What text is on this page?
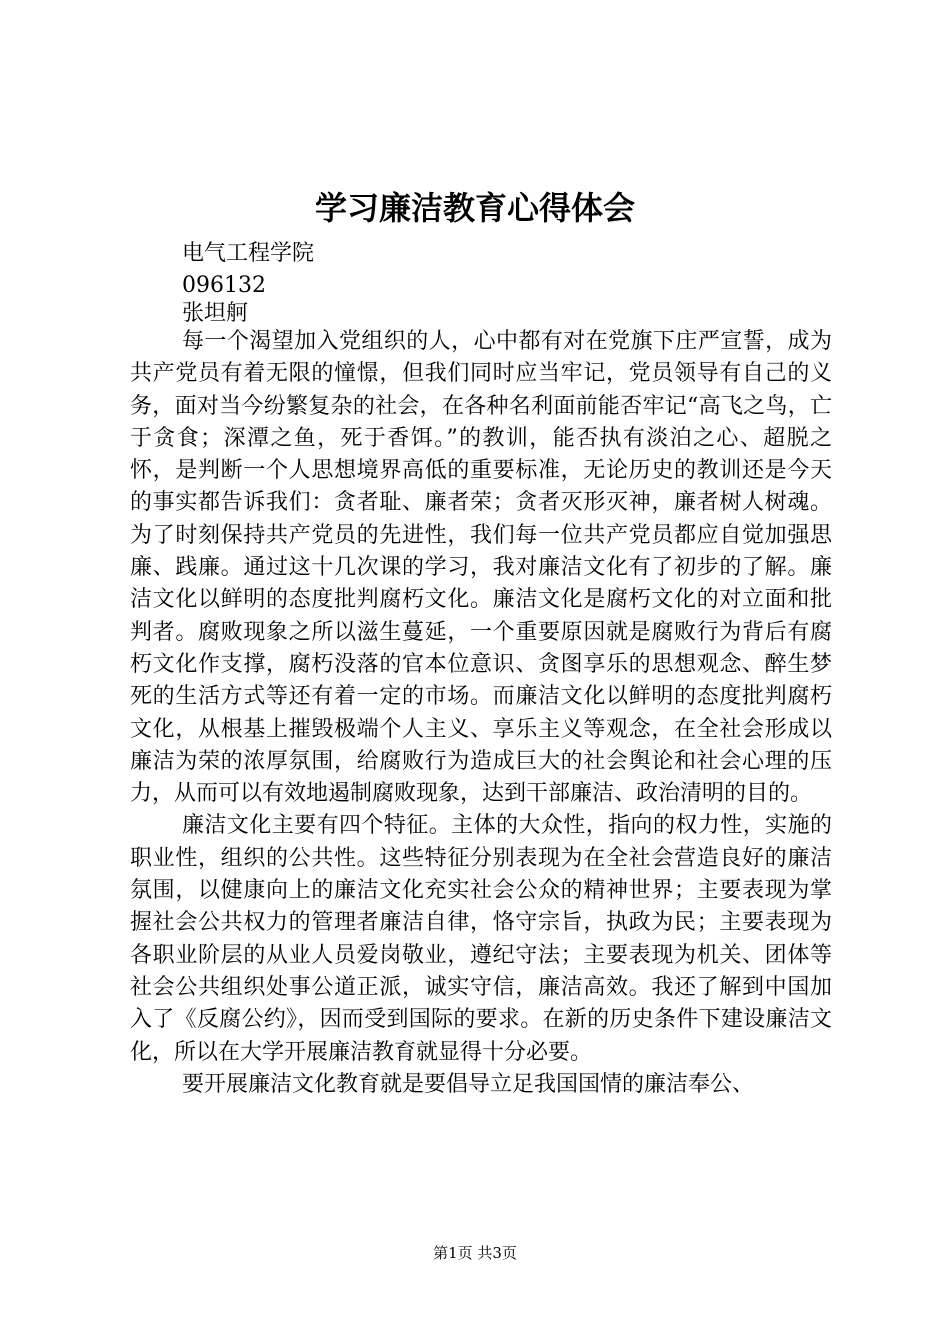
学习廉洁教育心得体会
电气工程学院
096132
张坦舸

每一个渴望加入党组织的人，心中都有对在党旗下庄严宣誓，成为共产党员有着无限的憧憬，但我们同时应当牢记，党员领导有自己的义务，面对当今纷繁复杂的社会，在各种名利面前能否牢记“高飞之鸟，亡于贪食；深潭之鱼，死于香饵。”的教训，能否执有淡泊之心、超脱之怀，是判断一个人思想境界高低的重要标准，无论历史的教训还是今天的事实都告诉我们：贪者耻、廉者荣；贪者灭形灭神，廉者树人树魂。为了时刻保持共产党员的先进性，我们每一位共产党员都应自觉加强思廉、践廉。通过这十几次课的学习，我对廉洁文化有了初步的了解。廉洁文化以鲜明的态度批判腐朽文化。廉洁文化是腐朽文化的对立面和批判者。腐败现象之所以滋生蔓延，一个重要原因就是腐败行为背后有腐朽文化作支撑，腐朽没落的官本位意识、贪图享乐的思想观念、醉生梦死的生活方式等还有着一定的市场。而廉洁文化以鲜明的态度批判腐朽文化，从根基上摧毁极端个人主义、享乐主义等观念，在全社会形成以廉洁为荣的浓厚氛围，给腐败行为造成巨大的社会舆论和社会心理的压力，从而可以有效地遏制腐败现象，达到干部廉洁、政治清明的目的。

廉洁文化主要有四个特征。主体的大众性，指向的权力性，实施的职业性，组织的公共性。这些特征分别表现为在全社会营造良好的廉洁氛围，以健康向上的廉洁文化充实社会公众的精神世界；主要表现为掌握社会公共权力的管理者廉洁自律，恪守宗旨，执政为民；主要表现为各职业阶层的从业人员爱岗敬业，遵纪守法；主要表现为机关、团体等社会公共组织处事公道正派，诚实守信，廉洁高效。我还了解到中国加入了《反腐公约》，因而受到国际的要求。在新的历史条件下建设廉洁文化，所以在大学开展廉洁教育就显得十分必要。

要开展廉洁文化教育就是要倡导立足我国国情的廉洁奉公、

第1页 共3页
